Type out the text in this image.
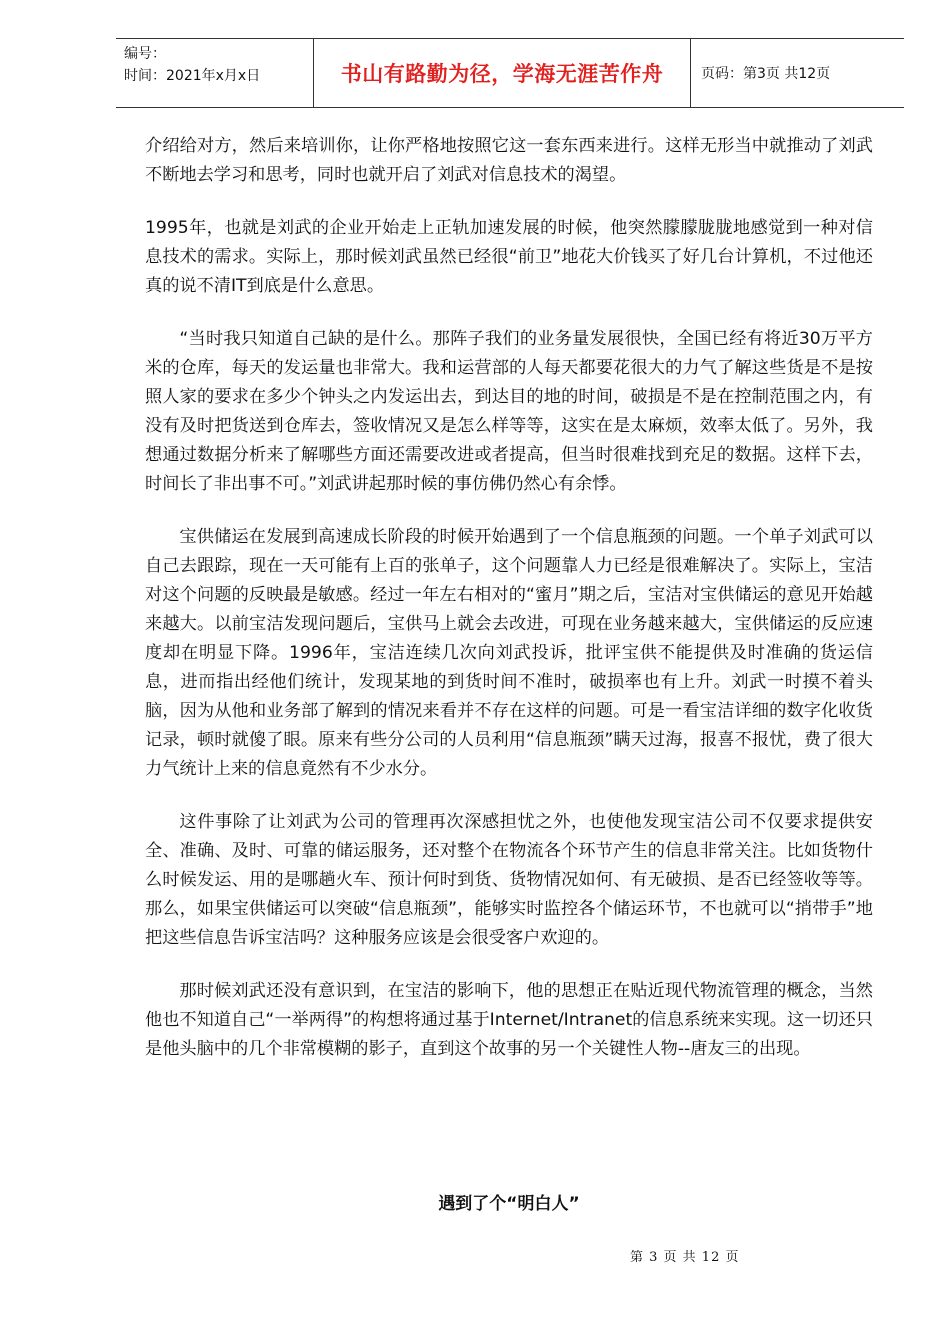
编号：
时间：2021年x月x日	书山有路勤为径，学海无涯苦作舟	页码：第3页 共12页

介绍给对方，然后来培训你，让你严格地按照它这一套东西来进行。这样无形当中就推动了刘武不断地去学习和思考，同时也就开启了刘武对信息技术的渴望。

1995年，也就是刘武的企业开始走上正轨加速发展的时候，他突然朦朦胧胧地感觉到一种对信息技术的需求。实际上，那时候刘武虽然已经很“前卫”地花大价钱买了好几台计算机，不过他还真的说不清IT到底是什么意思。

“当时我只知道自己缺的是什么。那阵子我们的业务量发展很快，全国已经有将近30万平方米的仓库，每天的发运量也非常大。我和运营部的人每天都要花很大的力气了解这些货是不是按照人家的要求在多少个钟头之内发运出去，到达目的地的时间，破损是不是在控制范围之内，有没有及时把货送到仓库去，签收情况又是怎么样等等，这实在是太麻烦，效率太低了。另外，我想通过数据分析来了解哪些方面还需要改进或者提高，但当时很难找到充足的数据。这样下去，时间长了非出事不可。”刘武讲起那时候的事仿佛仍然心有余悸。

宝供储运在发展到高速成长阶段的时候开始遇到了一个信息瓶颈的问题。一个单子刘武可以自己去跟踪，现在一天可能有上百的张单子，这个问题靠人力已经是很难解决了。实际上，宝洁对这个问题的反映最是敏感。经过一年左右相对的“蜜月”期之后，宝洁对宝供储运的意见开始越来越大。以前宝洁发现问题后，宝供马上就会去改进，可现在业务越来越大，宝供储运的反应速度却在明显下降。1996年，宝洁连续几次向刘武投诉，批评宝供不能提供及时准确的货运信息，进而指出经他们统计，发现某地的到货时间不准时，破损率也有上升。刘武一时摸不着头脑，因为从他和业务部了解到的情况来看并不存在这样的问题。可是一看宝洁详细的数字化收货记录，顿时就傻了眼。原来有些分公司的人员利用“信息瓶颈”瞒天过海，报喜不报忧，费了很大力气统计上来的信息竟然有不少水分。

这件事除了让刘武为公司的管理再次深感担忧之外，也使他发现宝洁公司不仅要求提供安全、准确、及时、可靠的储运服务，还对整个在物流各个环节产生的信息非常关注。比如货物什么时候发运、用的是哪趟火车、预计何时到货、货物情况如何、有无破损、是否已经签收等等。那么，如果宝供储运可以突破“信息瓶颈”，能够实时监控各个储运环节，不也就可以“捎带手”地把这些信息告诉宝洁吗？这种服务应该是会很受客户欢迎的。

那时候刘武还没有意识到，在宝洁的影响下，他的思想正在贴近现代物流管理的概念，当然他也不知道自己“一举两得”的构想将通过基于Internet/Intranet的信息系统来实现。这一切还只是他头脑中的几个非常模糊的影子，直到这个故事的另一个关键性人物--唐友三的出现。

遇到了个“明白人”
第 3 页 共 12 页
